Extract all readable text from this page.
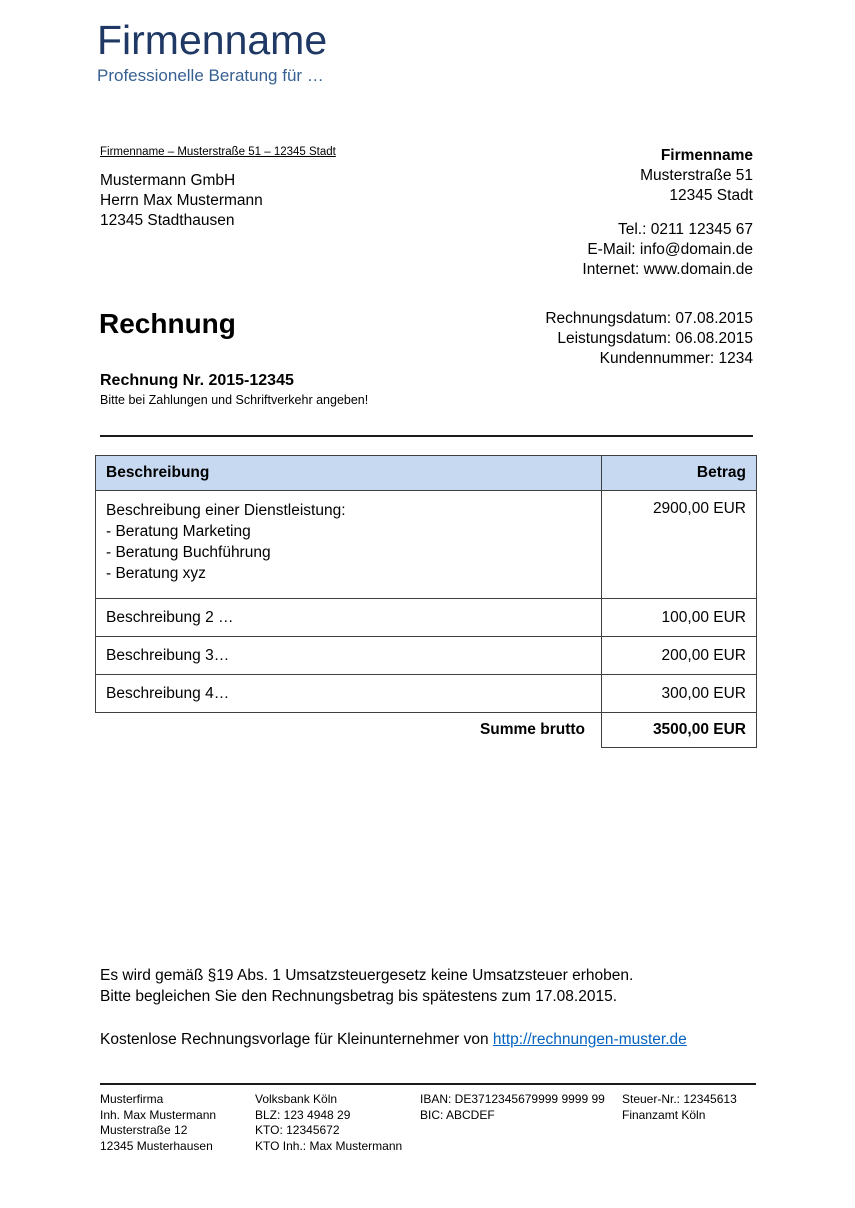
Firmenname
Professionelle Beratung für …
Firmenname – Musterstraße 51 – 12345 Stadt
Mustermann GmbH
Herrn Max Mustermann
12345 Stadthausen
Firmenname
Musterstraße 51
12345 Stadt
Tel.: 0211 12345 67
E-Mail: info@domain.de
Internet: www.domain.de
Rechnung	Rechnungsdatum: 07.08.2015
Leistungsdatum: 06.08.2015
Kundennummer: 1234
Rechnung Nr. 2015-12345
Bitte bei Zahlungen und Schriftverkehr angeben!
Beschreibung	Betrag

Beschreibung einer Dienstleistung:
- Beratung Marketing
- Beratung Buchführung
- Beratung xyz	2900,00 EUR
Beschreibung 2 …	100,00 EUR
Beschreibung 3…	200,00 EUR
Beschreibung 4…	300,00 EUR
Summe brutto	3500,00 EUR
Es wird gemäß §19 Abs. 1 Umsatzsteuergesetz keine Umsatzsteuer erhoben.
Bitte begleichen Sie den Rechnungsbetrag bis spätestens zum 17.08.2015.
Kostenlose Rechnungsvorlage für Kleinunternehmer von http://rechnungen-muster.de
Musterfirma
Inh. Max Mustermann
Musterstraße 12
12345 Musterhausen
Volksbank Köln
BLZ: 123 4948 29
KTO: 12345672
KTO Inh.: Max Mustermann
IBAN: DE3712345679999 9999 99
BIC: ABCDEF
Steuer-Nr.: 12345613
Finanzamt Köln
